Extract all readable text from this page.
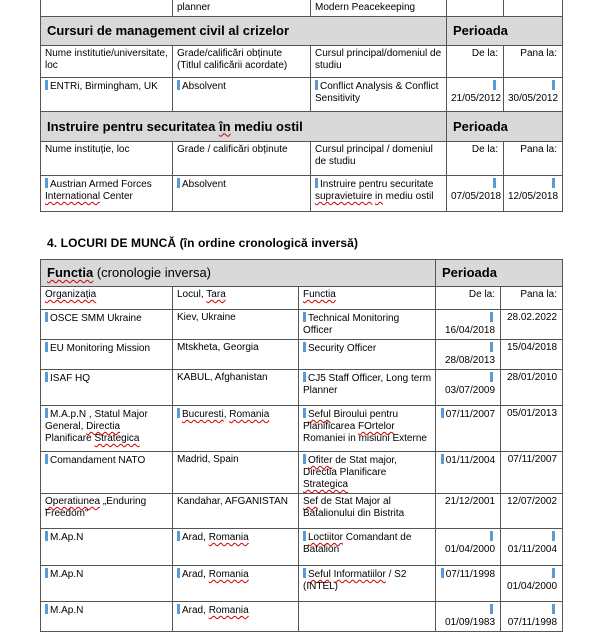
	planner	Modern Peacekeeping		
Cursuri de management civil al crizelor			Perioada	
Nume institutie/universitate, loc	Grade/calificări obținute (Titlul calificării acordate)	Cursul principal/domeniul de studiu	De la:	Pana la:
ENTRi, Birmingham, UK	Absolvent	Conflict Analysis & Conflict Sensitivity	21/05/2012	30/05/2012
Instruire pentru securitatea în mediu ostil			Perioada	
Nume instituție, loc	Grade / calificări obținute	Cursul principal / domeniul de studiu	De la:	Pana la:
Austrian Armed Forces International Center	Absolvent	Instruire pentru securitate supravietuire in mediu ostil	07/05/2018	12/05/2018

4. LOCURI DE MUNCĂ (în ordine cronologică inversă)

Functia (cronologie inversa)			Perioada	
Organizația	Locul, Tara	Functia	De la:	Pana la:
OSCE SMM Ukraine	Kiev, Ukraine	Technical Monitoring Officer	16/04/2018	28.02.2022
EU Monitoring Mission	Mtskheta, Georgia	Security Officer	28/08/2013	15/04/2018
ISAF HQ	KABUL, Afghanistan	CJ5 Staff Officer, Long term Planner	03/07/2009	28/01/2010
M.A.p.N , Statul Major General, Directia Planificare Strategica	Bucuresti, Romania	Seful Biroului pentru Planificarea FOrtelor Romaniei in misiuni Externe	07/11/2007	05/01/2013
Comandament NATO	Madrid, Spain	Ofiter de Stat major, Directia Planificare Strategica	01/11/2004	07/11/2007
Operatiunea „Enduring Freedom"	Kandahar, AFGANISTAN	Sef de Stat Major al Batalionului din Bistrita	21/12/2001	12/07/2002
M.Ap.N	Arad, Romania	Loctiitor Comandant de Batalion	01/04/2000	01/11/2004
M.Ap.N	Arad, Romania	Seful Informatiilor / S2 (INTEL)	07/11/1998	01/04/2000
M.Ap.N	Arad, Romania		01/09/1983	07/11/1998
